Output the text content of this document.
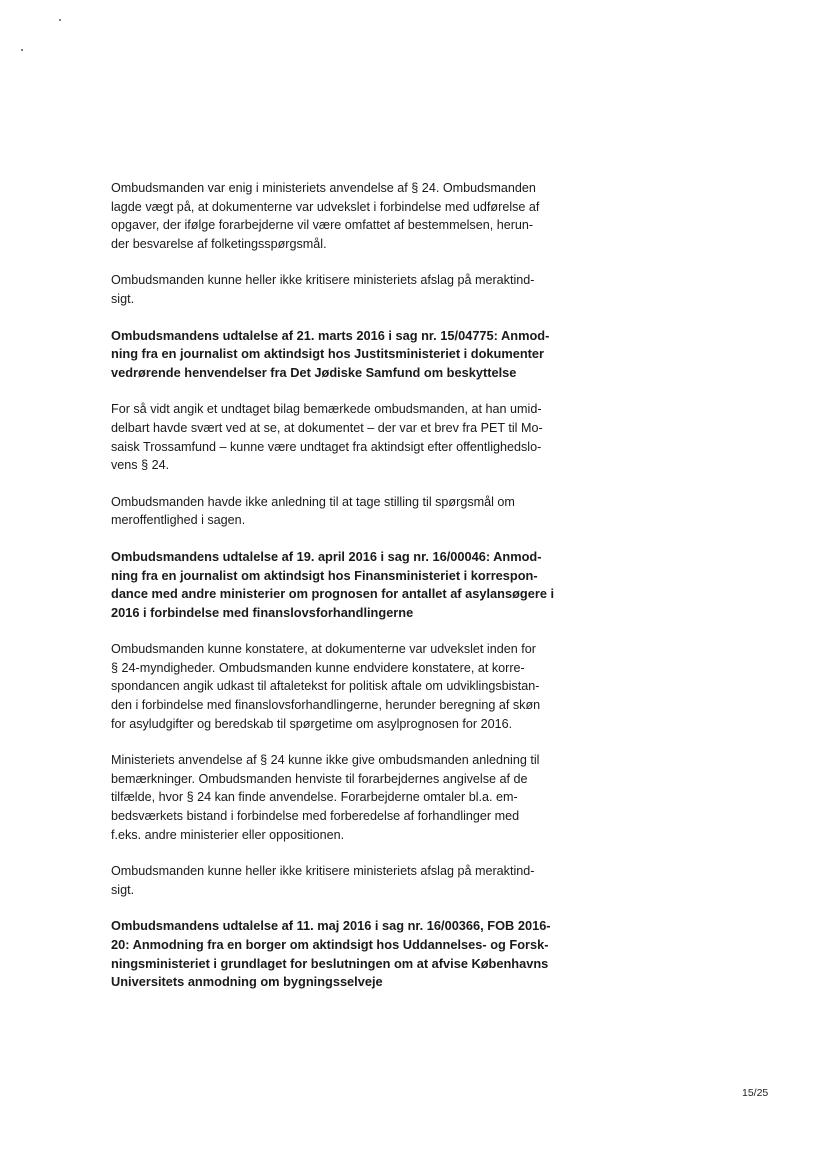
Ombudsmanden var enig i ministeriets anvendelse af § 24. Ombudsmanden
lagde vægt på, at dokumenterne var udvekslet i forbindelse med udførelse af
opgaver, der ifølge forarbejderne vil være omfattet af bestemmelsen, herun-
der besvarelse af folketingsspørgsmål.
Ombudsmanden kunne heller ikke kritisere ministeriets afslag på meraktind-
sigt.
Ombudsmandens udtalelse af 21. marts 2016 i sag nr. 15/04775: Anmod-
ning fra en journalist om aktindsigt hos Justitsministeriet i dokumenter
vedrørende henvendelser fra Det Jødiske Samfund om beskyttelse
For så vidt angik et undtaget bilag bemærkede ombudsmanden, at han umid-
delbart havde svært ved at se, at dokumentet – der var et brev fra PET til Mo-
saisk Trossamfund – kunne være undtaget fra aktindsigt efter offentlighedslo-
vens § 24.
Ombudsmanden havde ikke anledning til at tage stilling til spørgsmål om
meroffentlighed i sagen.
Ombudsmandens udtalelse af 19. april 2016 i sag nr. 16/00046: Anmod-
ning fra en journalist om aktindsigt hos Finansministeriet i korrespon-
dance med andre ministerier om prognosen for antallet af asylansøgere i
2016 i forbindelse med finanslovsforhandlingerne
Ombudsmanden kunne konstatere, at dokumenterne var udvekslet inden for
§ 24-myndigheder. Ombudsmanden kunne endvidere konstatere, at korre-
spondancen angik udkast til aftaletekst for politisk aftale om udviklingsbistan-
den i forbindelse med finanslovsforhandlingerne, herunder beregning af skøn
for asyludgifter og beredskab til spørgetime om asylprognosen for 2016.
Ministeriets anvendelse af § 24 kunne ikke give ombudsmanden anledning til
bemærkninger. Ombudsmanden henviste til forarbejdernes angivelse af de
tilfælde, hvor § 24 kan finde anvendelse. Forarbejderne omtaler bl.a. em-
bedsværkets bistand i forbindelse med forberedelse af forhandlinger med
f.eks. andre ministerier eller oppositionen.
Ombudsmanden kunne heller ikke kritisere ministeriets afslag på meraktind-
sigt.
Ombudsmandens udtalelse af 11. maj 2016 i sag nr. 16/00366, FOB 2016-
20: Anmodning fra en borger om aktindsigt hos Uddannelses- og Forsk-
ningsministeriet i grundlaget for beslutningen om at afvise Københavns
Universitets anmodning om bygningsselveje
15/25
